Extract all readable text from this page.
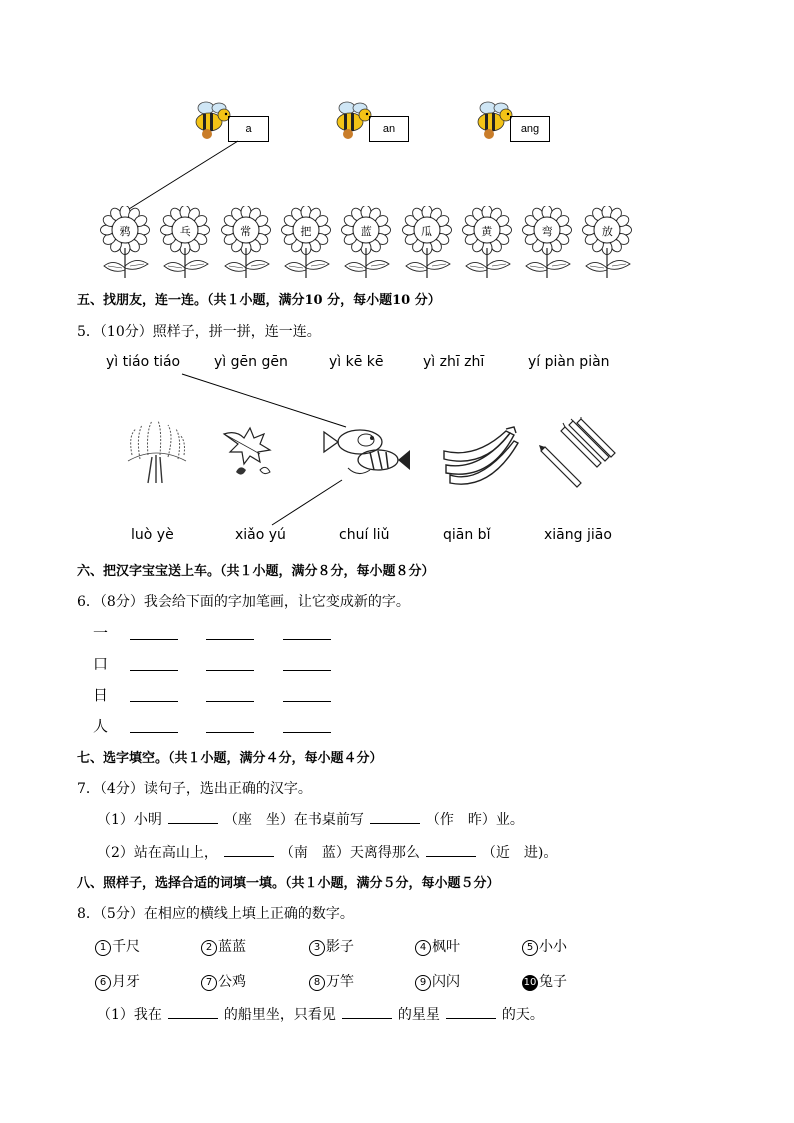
a	an	ang
鸦	乓	常	把	蓝	瓜	黄	弯	放
五、找朋友，连一连。（共１小题，满分10 分，每小题10 分）
5．（10分）照样子，拼一拼，连一连。
yì tiáo tiáo yì gēn gēn	yì kē kē	yì zhī zhī	yí piàn piàn
luò yè	xiǎo yú	chuí liǔ	qiān bǐ	xiāng jiāo
六、把汉字宝宝送上车。（共１小题，满分８分，每小题８分）
6．（8分）我会给下面的字加笔画，让它变成新的字。
一
口
日
人
七、选字填空。（共１小题，满分４分，每小题４分）
7．（4分）读句子，选出正确的汉字。
（1）小明	（座　坐）在书桌前写	（作　昨）业。
（2）站在高山上，	（南　蓝）天离得那么	（近　进)。
八、照样子，选择合适的词填一填。（共１小题，满分５分，每小题５分）
8．（5分）在相应的横线上填上正确的数字。
1 千尺	2 蓝蓝	3 影子	4 枫叶	5 小小
6 月牙	7 公鸡	8 万竿	9 闪闪	10 兔子
（1）我在	的船里坐，只看见	的星星	的天。
